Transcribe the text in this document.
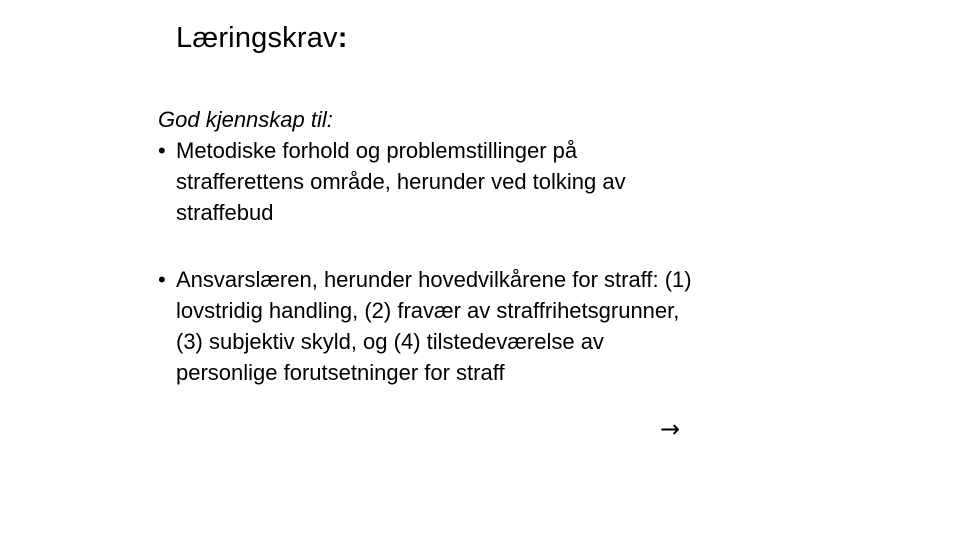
Læringskrav:

God kjennskap til:

• Metodiske forhold og problemstillinger på
strafferettens område, herunder ved tolking av
straffebud
• Ansvarslæren, herunder hovedvilkårene for straff: (1)
lovstridig handling, (2) fravær av straffrihetsgrunner,
(3) subjektiv skyld, og (4) tilstedeværelse av
personlige forutsetninger for straff
→
